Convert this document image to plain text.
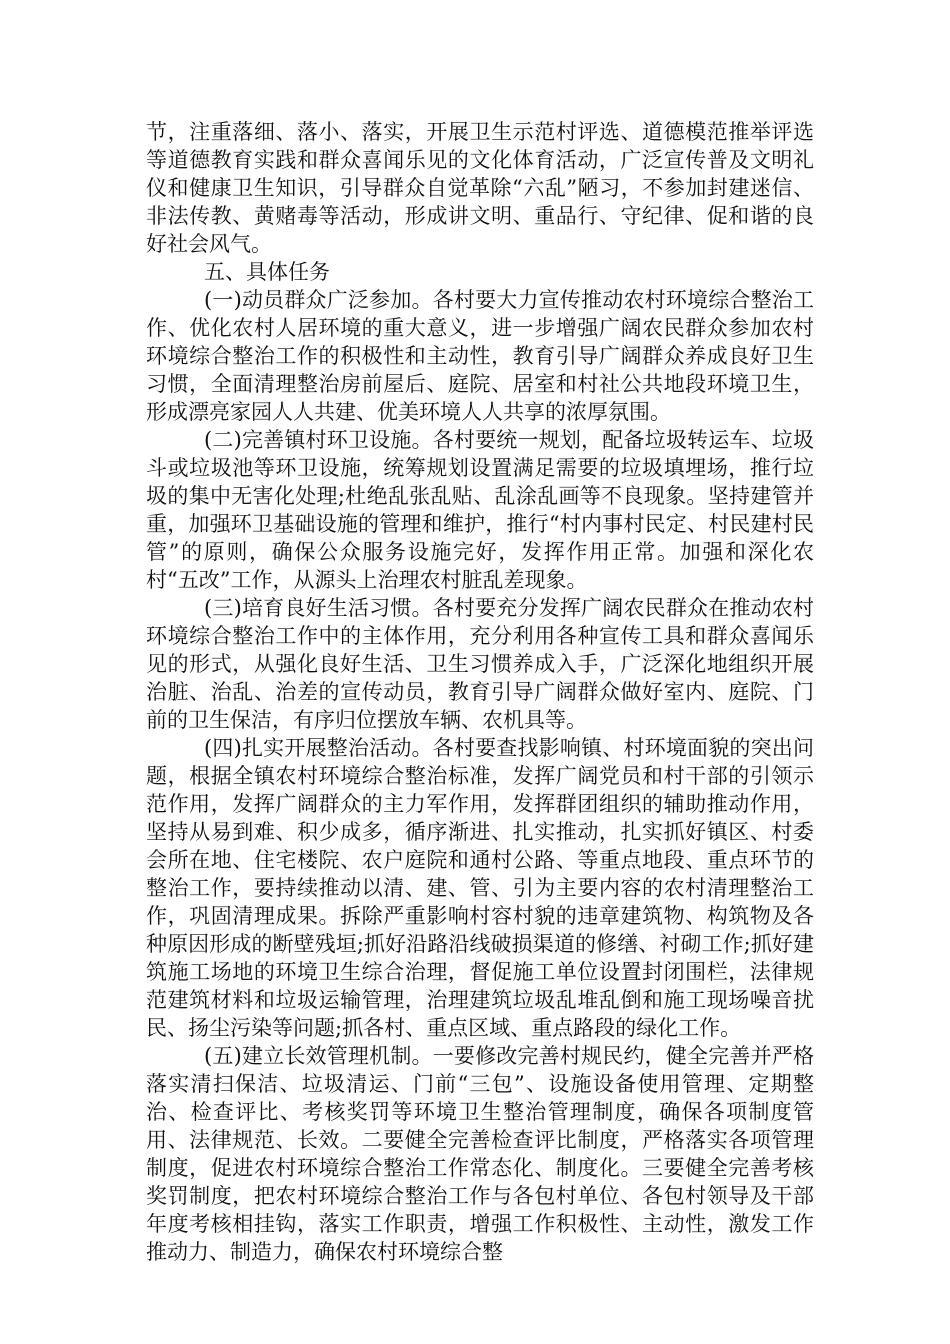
节，注重落细、落小、落实，开展卫生示范村评选、道德模范推举评选等道德教育实践和群众喜闻乐见的文化体育活动，广泛宣传普及文明礼仪和健康卫生知识，引导群众自觉革除“六乱”陋习，不参加封建迷信、非法传教、黄赌毒等活动，形成讲文明、重品行、守纪律、促和谐的良好社会风气。

五、具体任务

(一)动员群众广泛参加。各村要大力宣传推动农村环境综合整治工作、优化农村人居环境的重大意义，进一步增强广阔农民群众参加农村环境综合整治工作的积极性和主动性，教育引导广阔群众养成良好卫生习惯，全面清理整治房前屋后、庭院、居室和村社公共地段环境卫生，形成漂亮家园人人共建、优美环境人人共享的浓厚氛围。

(二)完善镇村环卫设施。各村要统一规划，配备垃圾转运车、垃圾斗或垃圾池等环卫设施，统筹规划设置满足需要的垃圾填埋场，推行垃圾的集中无害化处理;杜绝乱张乱贴、乱涂乱画等不良现象。坚持建管并重，加强环卫基础设施的管理和维护，推行“村内事村民定、村民建村民管”的原则，确保公众服务设施完好，发挥作用正常。加强和深化农村“五改”工作，从源头上治理农村脏乱差现象。

(三)培育良好生活习惯。各村要充分发挥广阔农民群众在推动农村环境综合整治工作中的主体作用，充分利用各种宣传工具和群众喜闻乐见的形式，从强化良好生活、卫生习惯养成入手，广泛深化地组织开展治脏、治乱、治差的宣传动员，教育引导广阔群众做好室内、庭院、门前的卫生保洁，有序归位摆放车辆、农机具等。

(四)扎实开展整治活动。各村要查找影响镇、村环境面貌的突出问题，根据全镇农村环境综合整治标准，发挥广阔党员和村干部的引领示范作用，发挥广阔群众的主力军作用，发挥群团组织的辅助推动作用，坚持从易到难、积少成多，循序渐进、扎实推动，扎实抓好镇区、村委会所在地、住宅楼院、农户庭院和通村公路、等重点地段、重点环节的整治工作，要持续推动以清、建、管、引为主要内容的农村清理整治工作，巩固清理成果。拆除严重影响村容村貌的违章建筑物、构筑物及各种原因形成的断壁残垣;抓好沿路沿线破损渠道的修缮、衬砌工作;抓好建筑施工场地的环境卫生综合治理，督促施工单位设置封闭围栏，法律规范建筑材料和垃圾运输管理，治理建筑垃圾乱堆乱倒和施工现场噪音扰民、扬尘污染等问题;抓各村、重点区域、重点路段的绿化工作。

(五)建立长效管理机制。一要修改完善村规民约，健全完善并严格落实清扫保洁、垃圾清运、门前“三包”、设施设备使用管理、定期整治、检查评比、考核奖罚等环境卫生整治管理制度，确保各项制度管用、法律规范、长效。二要健全完善检查评比制度，严格落实各项管理制度，促进农村环境综合整治工作常态化、制度化。三要健全完善考核奖罚制度，把农村环境综合整治工作与各包村单位、各包村领导及干部年度考核相挂钩，落实工作职责，增强工作积极性、主动性，激发工作推动力、制造力，确保农村环境综合整
